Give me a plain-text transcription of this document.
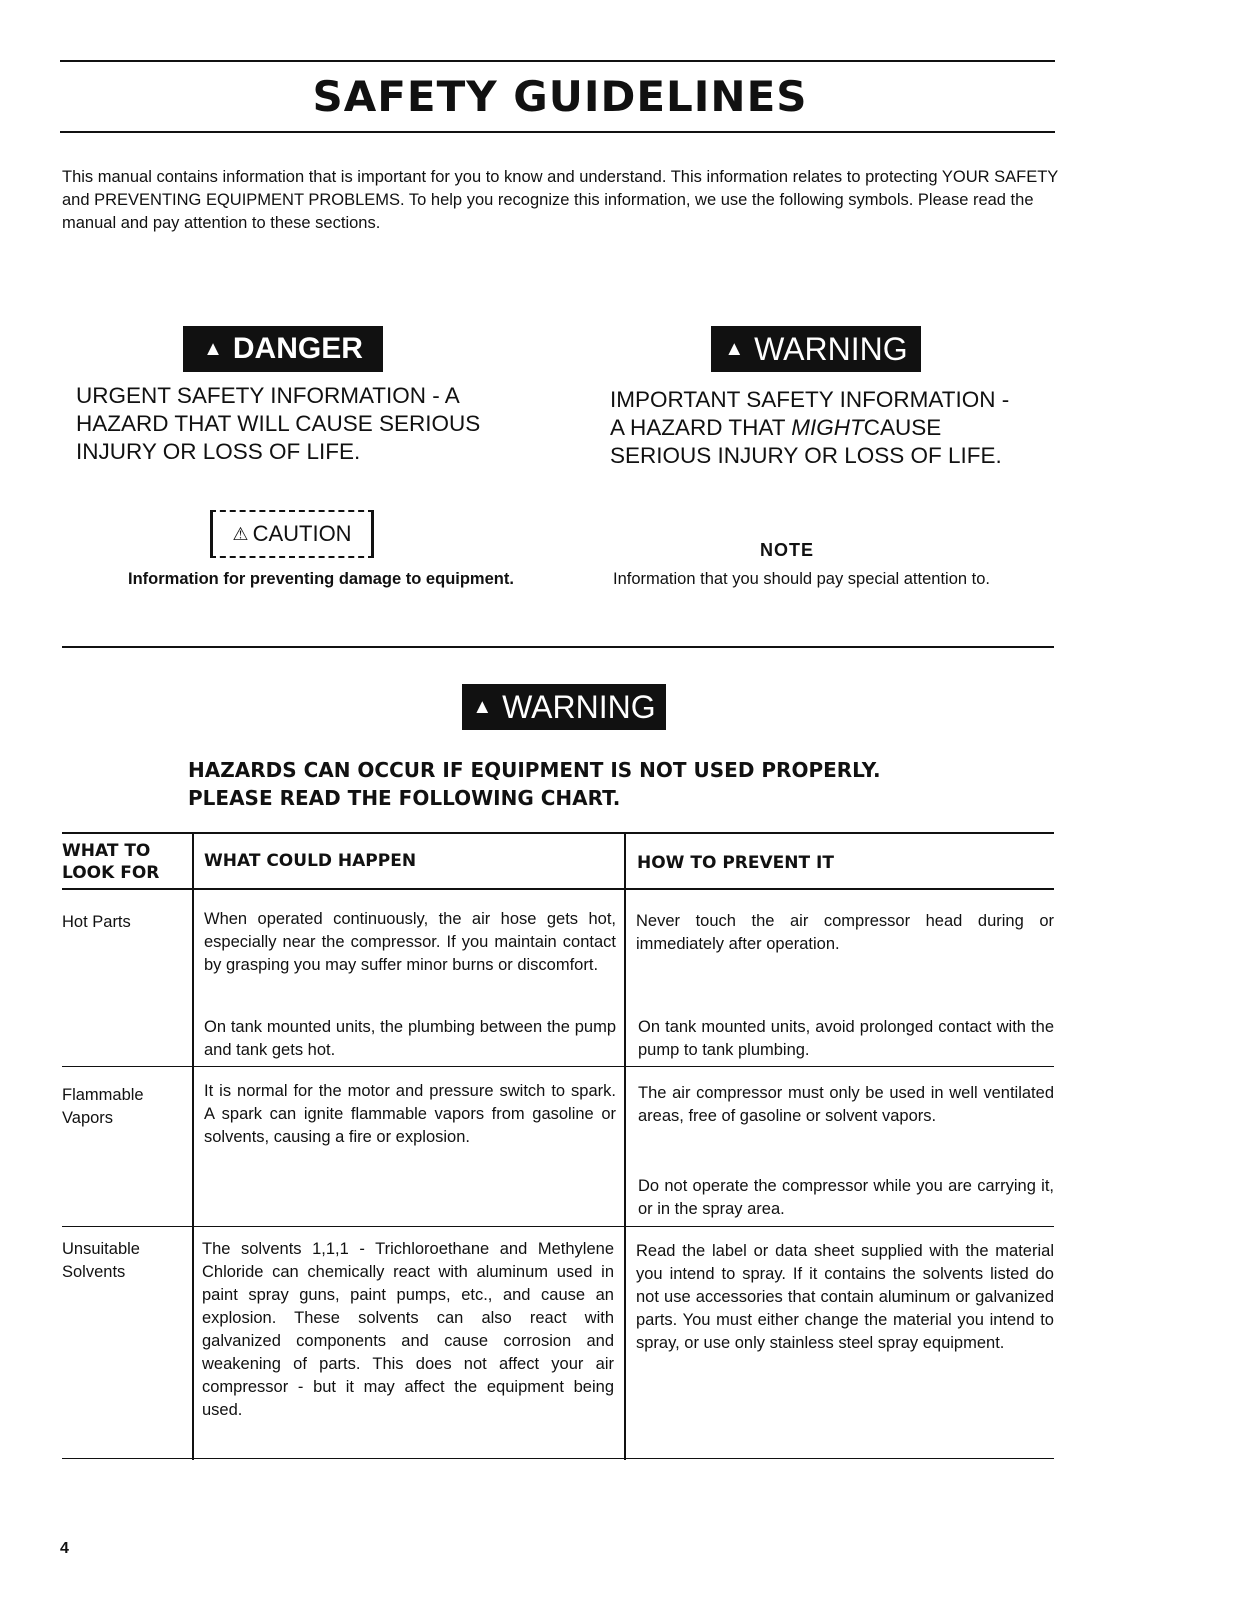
SAFETY GUIDELINES
This manual contains information that is important for you to know and understand. This information relates to protecting YOUR SAFETY and PREVENTING EQUIPMENT PROBLEMS. To help you recognize this information, we use the following symbols. Please read the manual and pay attention to these sections.
▲ DANGER
URGENT SAFETY INFORMATION - A
HAZARD THAT WILL CAUSE SERIOUS
INJURY OR LOSS OF LIFE.
▲ WARNING
IMPORTANT SAFETY INFORMATION -
A HAZARD THAT MIGHTCAUSE
SERIOUS INJURY OR LOSS OF LIFE.
⚠ CAUTION
Information for preventing damage to equipment.
NOTE
Information that you should pay special attention to.
▲ WARNING
HAZARDS CAN OCCUR IF EQUIPMENT IS NOT USED PROPERLY.
PLEASE READ THE FOLLOWING CHART.
WHAT TO LOOK FOR
WHAT COULD HAPPEN	HOW TO PREVENT IT
Hot Parts	When operated continuously, the air hose gets hot, especially near the compressor. If you maintain contact by grasping you may suffer minor burns or discomfort.
On tank mounted units, the plumbing between the pump and tank gets hot.
Never touch the air compressor head during or immediately after operation.
On tank mounted units, avoid prolonged contact with the pump to tank plumbing.
Flammable Vapors
It is normal for the motor and pressure switch to spark. A spark can ignite flammable vapors from gasoline or solvents, causing a fire or explosion.
The air compressor must only be used in well ventilated areas, free of gasoline or solvent vapors.
Do not operate the compressor while you are carrying it, or in the spray area.
Unsuitable Solvents
The solvents 1,1,1 - Trichloroethane and Methylene Chloride can chemically react with aluminum used in paint spray guns, paint pumps, etc., and cause an explosion. These solvents can also react with galvanized components and cause corrosion and weakening of parts. This does not affect your air compressor - but it may affect the equipment being used.
Read the label or data sheet supplied with the material you intend to spray. If it contains the solvents listed do not use accessories that contain aluminum or galvanized parts. You must either change the material you intend to spray, or use only stainless steel spray equipment.
4
